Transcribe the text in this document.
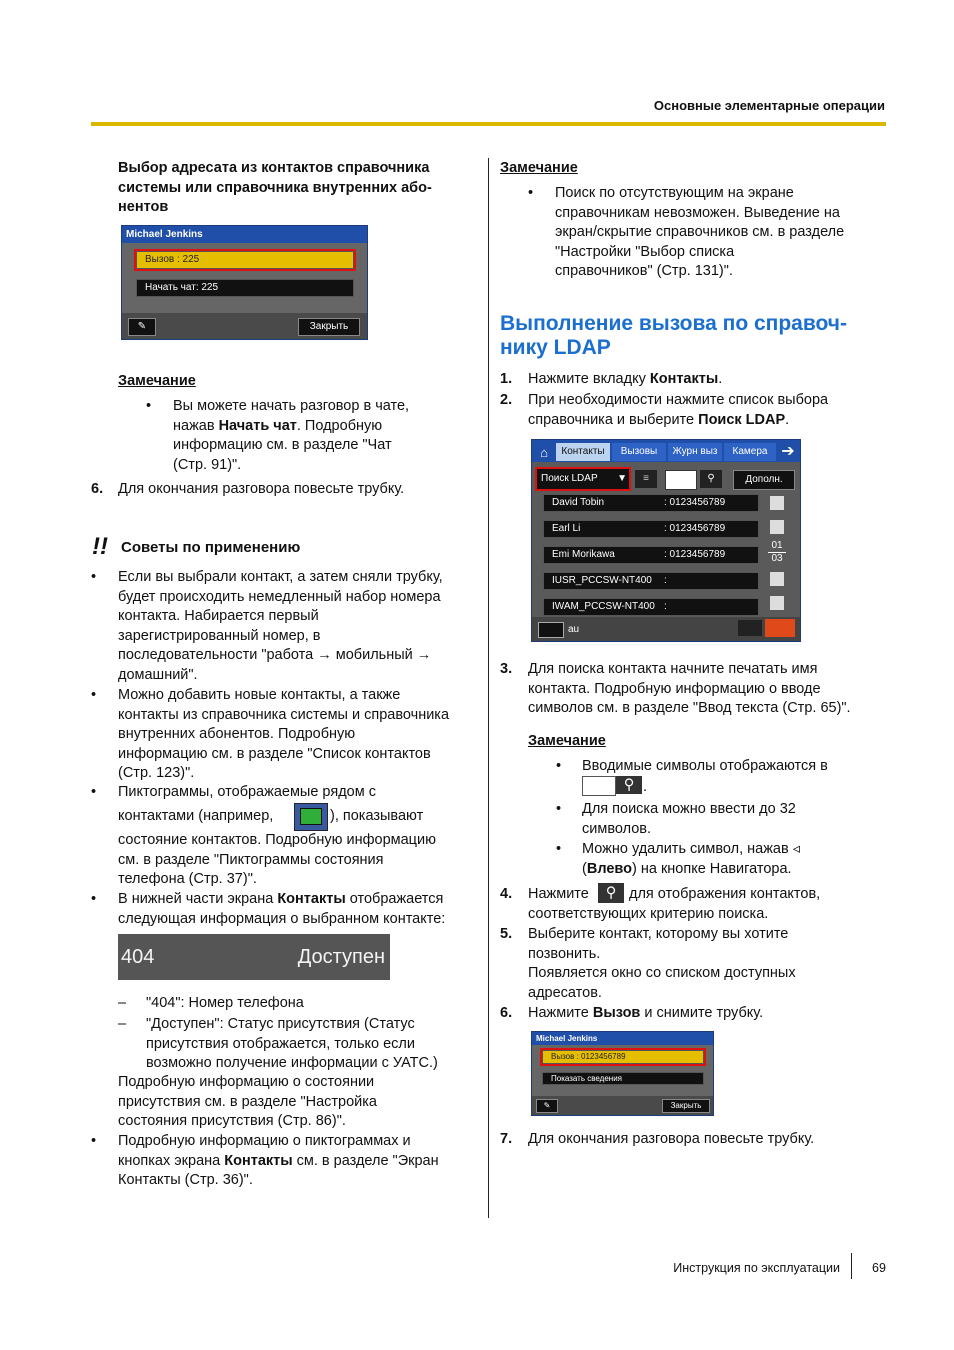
Основные элементарные операции
Выбор адресата из контактов справочника
системы или справочника внутренних або-
нентов
Michael Jenkins
Вызов : 225
Начать чат: 225
✎	Закрыть
Замечание
• Вы можете начать разговор в чате,
нажав Начать чат. Подробную
информацию см. в разделе "Чат
(Стр. 91)".
6. Для окончания разговора повесьте трубку.
!! Советы по применению
• Если вы выбрали контакт, а затем сняли трубку,
будет происходить немедленный набор номера
контакта. Набирается первый
зарегистрированный номер, в
последовательности "работа → мобильный →
домашний".
• Можно добавить новые контакты, а также
контакты из справочника системы и справочника
внутренних абонентов. Подробную
информацию см. в разделе "Список контактов
(Стр. 123)".
• Пиктограммы, отображаемые рядом с
контактами (например,	), показывают
состояние контактов. Подробную информацию
см. в разделе "Пиктограммы состояния
телефона (Стр. 37)".
• В нижней части экрана Контакты отображается
следующая информация о выбранном контакте:
404	Доступен
– "404": Номер телефона
– "Доступен": Статус присутствия (Статус
присутствия отображается, только если
возможно получение информации с УАТС.)
Подробную информацию о состоянии
присутствия см. в разделе "Настройка
состояния присутствия (Стр. 86)".
• Подробную информацию о пиктограммах и
кнопках экрана Контакты см. в разделе "Экран
Контакты (Стр. 36)".
Замечание
• Поиск по отсутствующим на экране
справочникам невозможен. Выведение на
экран/скрытие справочников см. в разделе
"Настройки "Выбор списка
справочников" (Стр. 131)".
Выполнение вызова по справоч-
нику LDAP
1. Нажмите вкладку Контакты.
2. При необходимости нажмите список выбора
справочника и выберите Поиск LDAP.
⌂	Контакты	Вызовы	Журн выз	Камера ➔
Поиск LDAP ▼	≡	⚲	Дополн.
David Tobin	: 0123456789
Earl Li	: 0123456789
Emi Morikawa	: 0123456789
IUSR_PCCSW-NT400 :
IWAM_PCCSW-NT400 :
01
03
au
3. Для поиска контакта начните печатать имя
контакта. Подробную информацию о вводе
символов см. в разделе "Ввод текста (Стр. 65)".
Замечание
• Вводимые символы отображаются в
⚲ .
• Для поиска можно ввести до 32
символов.
• Можно удалить символ, нажав ◃
(Влево) на кнопке Навигатора.
4. Нажмите	⚲ для отображения контактов,
соответствующих критерию поиска.
5. Выберите контакт, которому вы хотите
позвонить.
Появляется окно со списком доступных
адресатов.
6. Нажмите Вызов и снимите трубку.
Michael Jenkins
Вызов : 0123456789
Показать сведения
✎	Закрыть
7. Для окончания разговора повесьте трубку.
Инструкция по эксплуатации	69
